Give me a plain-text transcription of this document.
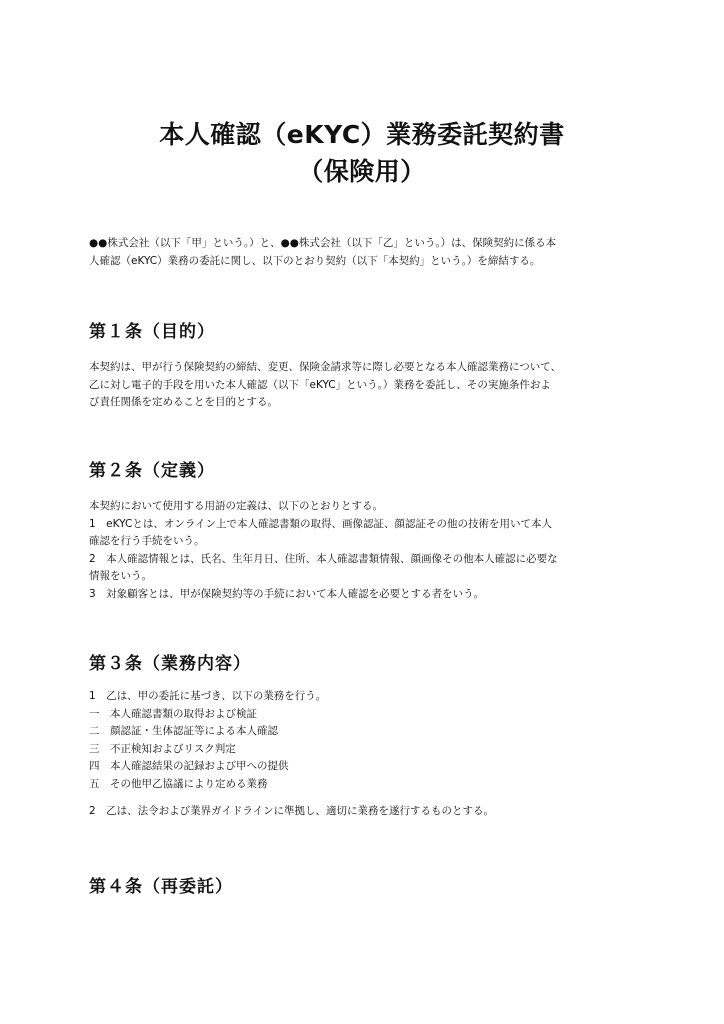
本人確認（eKYC）業務委託契約書
（保険用）
●●株式会社（以下「甲」という。）と、●●株式会社（以下「乙」という。）は、保険契約に係る本
人確認（eKYC）業務の委託に関し、以下のとおり契約（以下「本契約」という。）を締結する。
第１条（目的）
本契約は、甲が行う保険契約の締結、変更、保険金請求等に際し必要となる本人確認業務について、
乙に対し電子的手段を用いた本人確認（以下「eKYC」という。）業務を委託し、その実施条件およ
び責任関係を定めることを目的とする。
第２条（定義）
本契約において使用する用語の定義は、以下のとおりとする。
1　eKYCとは、オンライン上で本人確認書類の取得、画像認証、顔認証その他の技術を用いて本人
確認を行う手続をいう。
2　本人確認情報とは、氏名、生年月日、住所、本人確認書類情報、顔画像その他本人確認に必要な
情報をいう。
3　対象顧客とは、甲が保険契約等の手続において本人確認を必要とする者をいう。
第３条（業務内容）
1　乙は、甲の委託に基づき、以下の業務を行う。
一　本人確認書類の取得および検証
二　顔認証・生体認証等による本人確認
三　不正検知およびリスク判定
四　本人確認結果の記録および甲への提供
五　その他甲乙協議により定める業務
2　乙は、法令および業界ガイドラインに準拠し、適切に業務を遂行するものとする。
第４条（再委託）
